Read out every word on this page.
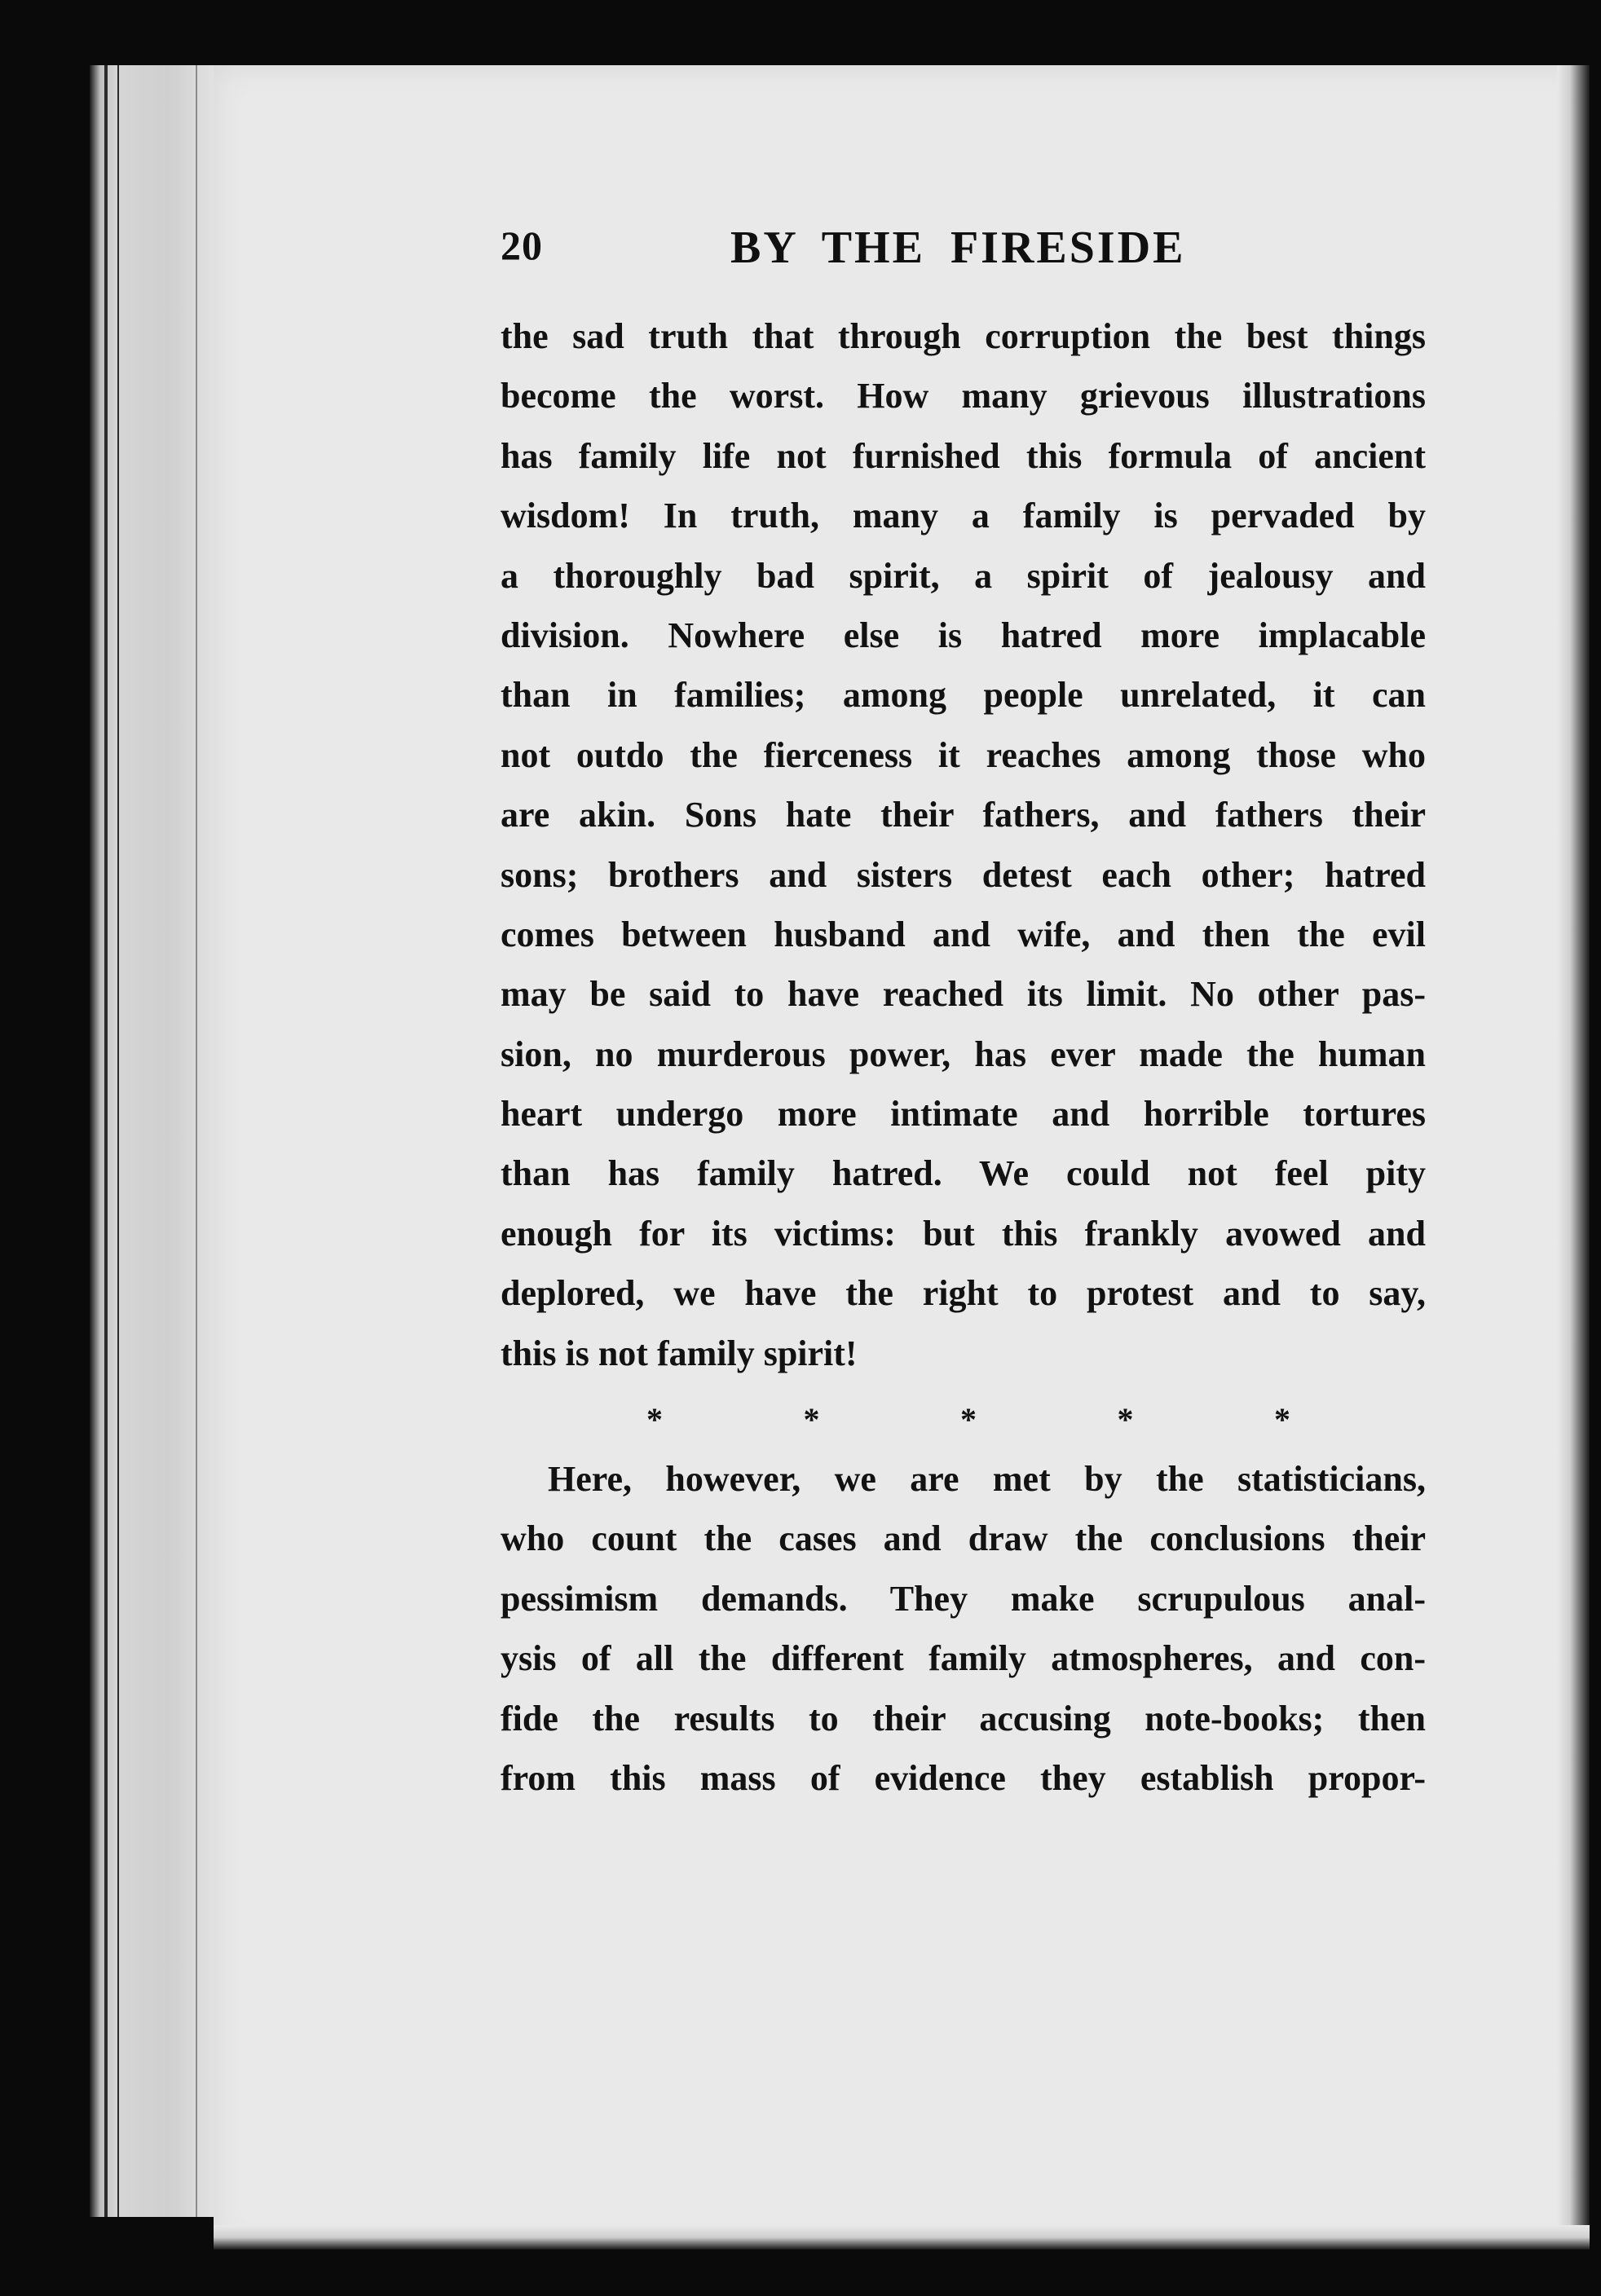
20	BY THE FIRESIDE
the sad truth that through corruption the best things
become the worst. How many grievous illustrations
has family life not furnished this formula of ancient
wisdom! In truth, many a family is pervaded by
a thoroughly bad spirit, a spirit of jealousy and
division. Nowhere else is hatred more implacable
than in families; among people unrelated, it can
not outdo the fierceness it reaches among those who
are akin. Sons hate their fathers, and fathers their
sons; brothers and sisters detest each other; hatred
comes between husband and wife, and then the evil
may be said to have reached its limit. No other pas-
sion, no murderous power, has ever made the human
heart undergo more intimate and horrible tortures
than has family hatred. We could not feel pity
enough for its victims: but this frankly avowed and
deplored, we have the right to protest and to say,
this is not family spirit!
*	*	*	*	*
Here, however, we are met by the statisticians,
who count the cases and draw the conclusions their
pessimism demands. They make scrupulous anal-
ysis of all the different family atmospheres, and con-
fide the results to their accusing note-books; then
from this mass of evidence they establish propor-
